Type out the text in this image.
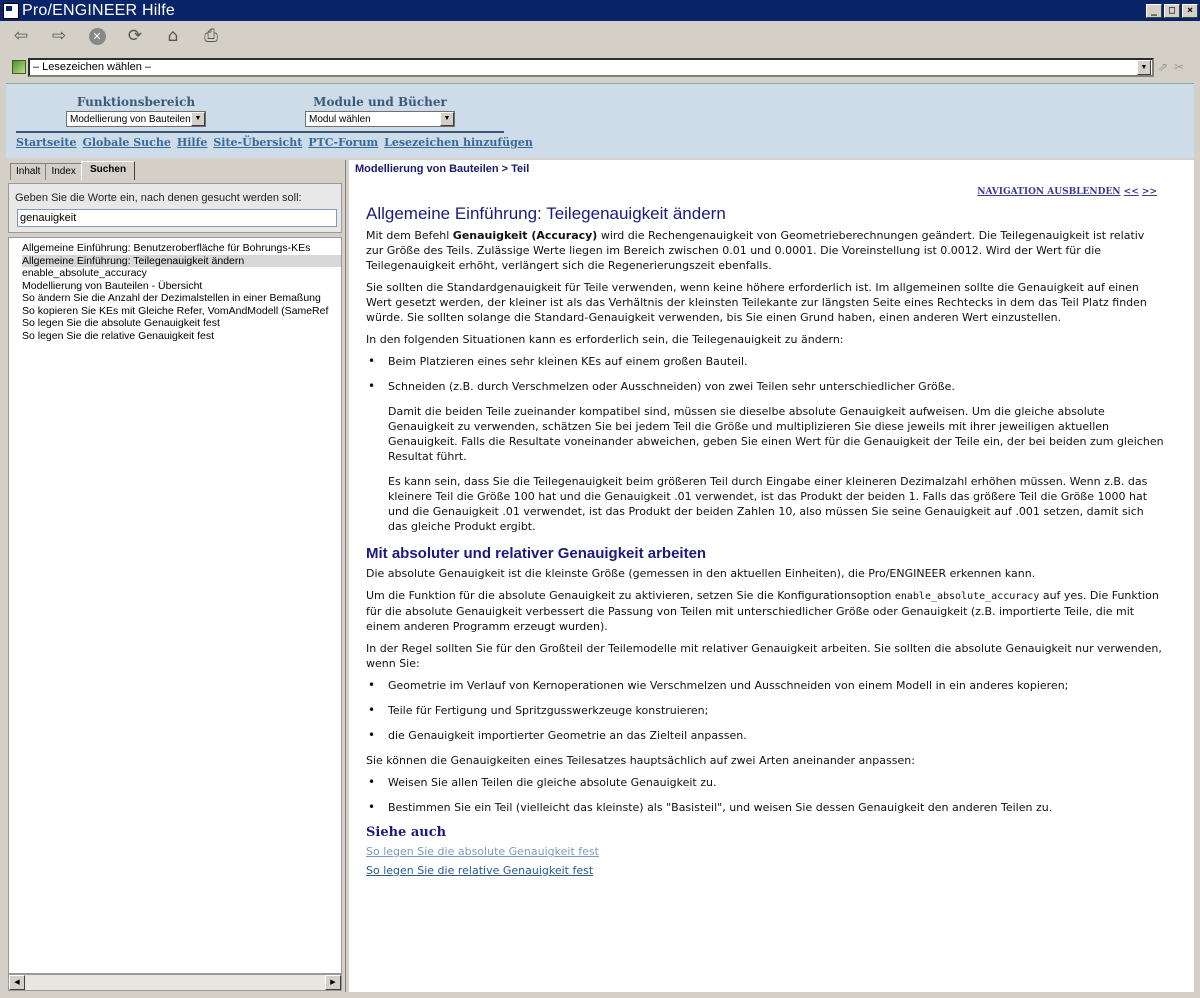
Pro/ENGINEER Hilfe	_	□	×
⇦	⇨	✕	⟳	⌂	⎙
– Lesezeichen wählen –	▼ ⇗✂
Funktionsbereich
Modellierung von Bauteilen ▼
Module und Bücher
Modul wählen	▼
Startseite Globale Suche Hilfe Site-Übersicht PTC-Forum Lesezeichen hinzufügen
Inhalt	Index	Suchen
Geben Sie die Worte ein, nach denen gesucht werden soll:
genauigkeit
Allgemeine Einführung: Benutzeroberfläche für Bohrungs-KEs
Allgemeine Einführung: Teilegenauigkeit ändern
enable_absolute_accuracy
Modellierung von Bauteilen - Übersicht
So ändern Sie die Anzahl der Dezimalstellen in einer Bemaßung
So kopieren Sie KEs mit Gleiche Refer, VomAndModell (SameRef
So legen Sie die absolute Genauigkeit fest
So legen Sie die relative Genauigkeit fest
◀	▶
Modellierung von Bauteilen > Teil
NAVIGATION AUSBLENDEN << >>
Allgemeine Einführung: Teilegenauigkeit ändern

Mit dem Befehl Genauigkeit (Accuracy) wird die Rechengenauigkeit von Geometrieberechnungen geändert. Die Teilegenauigkeit ist relativ zur Größe des Teils. Zulässige Werte liegen im Bereich zwischen 0.01 und 0.0001. Die Voreinstellung ist 0.0012. Wird der Wert für die Teilegenauigkeit erhöht, verlängert sich die Regenerierungszeit ebenfalls.

Sie sollten die Standardgenauigkeit für Teile verwenden, wenn keine höhere erforderlich ist. Im allgemeinen sollte die Genauigkeit auf einen Wert gesetzt werden, der kleiner ist als das Verhältnis der kleinsten Teilekante zur längsten Seite eines Rechtecks in dem das Teil Platz finden würde. Sie sollten solange die Standard-Genauigkeit verwenden, bis Sie einen Grund haben, einen anderen Wert einzustellen.

In den folgenden Situationen kann es erforderlich sein, die Teilegenauigkeit zu ändern:

• Beim Platzieren eines sehr kleinen KEs auf einem großen Bauteil.
• Schneiden (z.B. durch Verschmelzen oder Ausschneiden) von zwei Teilen sehr unterschiedlicher Größe.
Damit die beiden Teile zueinander kompatibel sind, müssen sie dieselbe absolute Genauigkeit aufweisen. Um die gleiche absolute Genauigkeit zu verwenden, schätzen Sie bei jedem Teil die Größe und multiplizieren Sie diese jeweils mit ihrer jeweiligen aktuellen Genauigkeit. Falls die Resultate voneinander abweichen, geben Sie einen Wert für die Genauigkeit der Teile ein, der bei beiden zum gleichen Resultat führt.
Es kann sein, dass Sie die Teilegenauigkeit beim größeren Teil durch Eingabe einer kleineren Dezimalzahl erhöhen müssen. Wenn z.B. das kleinere Teil die Größe 100 hat und die Genauigkeit .01 verwendet, ist das Produkt der beiden 1. Falls das größere Teil die Größe 1000 hat und die Genauigkeit .01 verwendet, ist das Produkt der beiden Zahlen 10, also müssen Sie seine Genauigkeit auf .001 setzen, damit sich das gleiche Produkt ergibt.
Mit absoluter und relativer Genauigkeit arbeiten

Die absolute Genauigkeit ist die kleinste Größe (gemessen in den aktuellen Einheiten), die Pro/ENGINEER erkennen kann.

Um die Funktion für die absolute Genauigkeit zu aktivieren, setzen Sie die Konfigurationsoption enable_absolute_accuracy auf yes. Die Funktion für die absolute Genauigkeit verbessert die Passung von Teilen mit unterschiedlicher Größe oder Genauigkeit (z.B. importierte Teile, die mit einem anderen Programm erzeugt wurden).

In der Regel sollten Sie für den Großteil der Teilemodelle mit relativer Genauigkeit arbeiten. Sie sollten die absolute Genauigkeit nur verwenden, wenn Sie:

• Geometrie im Verlauf von Kernoperationen wie Verschmelzen und Ausschneiden von einem Modell in ein anderes kopieren;
• Teile für Fertigung und Spritzgusswerkzeuge konstruieren;
• die Genauigkeit importierter Geometrie an das Zielteil anpassen.

Sie können die Genauigkeiten eines Teilesatzes hauptsächlich auf zwei Arten aneinander anpassen:

• Weisen Sie allen Teilen die gleiche absolute Genauigkeit zu.
• Bestimmen Sie ein Teil (vielleicht das kleinste) als "Basisteil", und weisen Sie dessen Genauigkeit den anderen Teilen zu.
Siehe auch
So legen Sie die absolute Genauigkeit fest
So legen Sie die relative Genauigkeit fest
